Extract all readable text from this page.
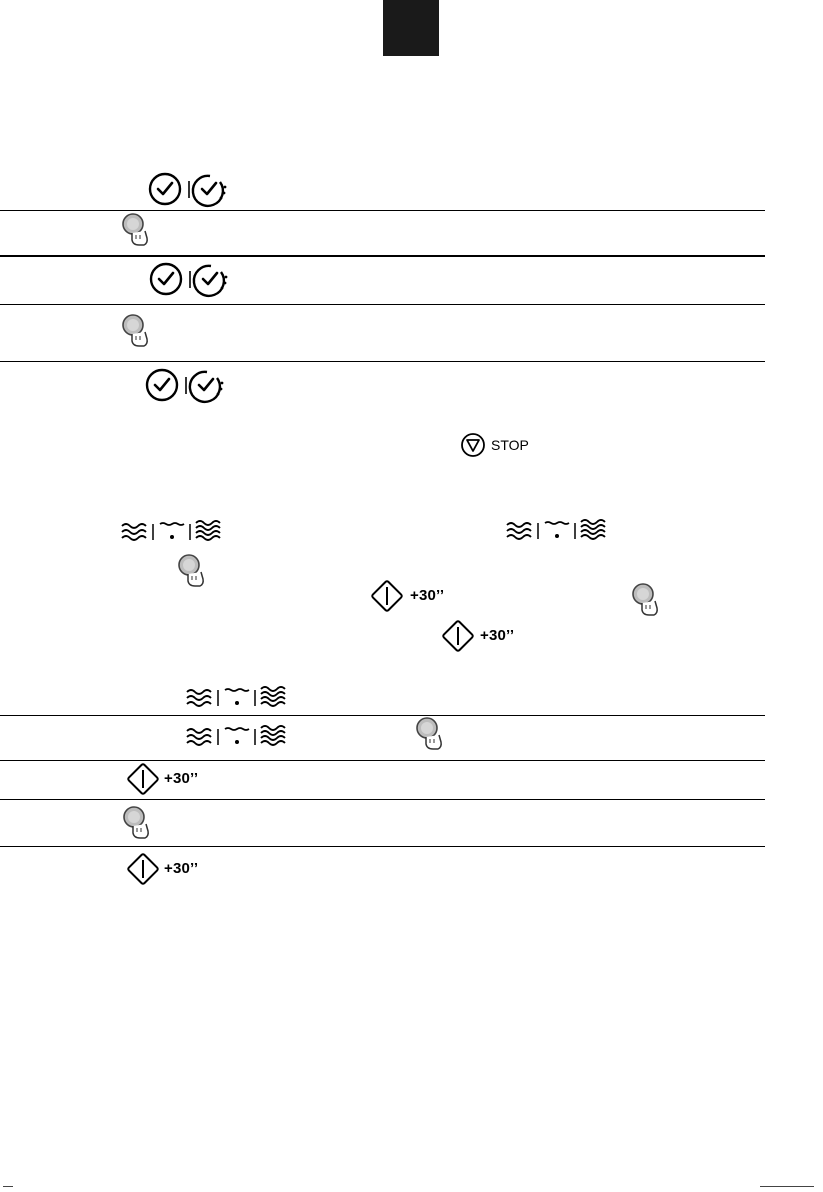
STOP
+30’’
+30’’
+30’’
+30’’
